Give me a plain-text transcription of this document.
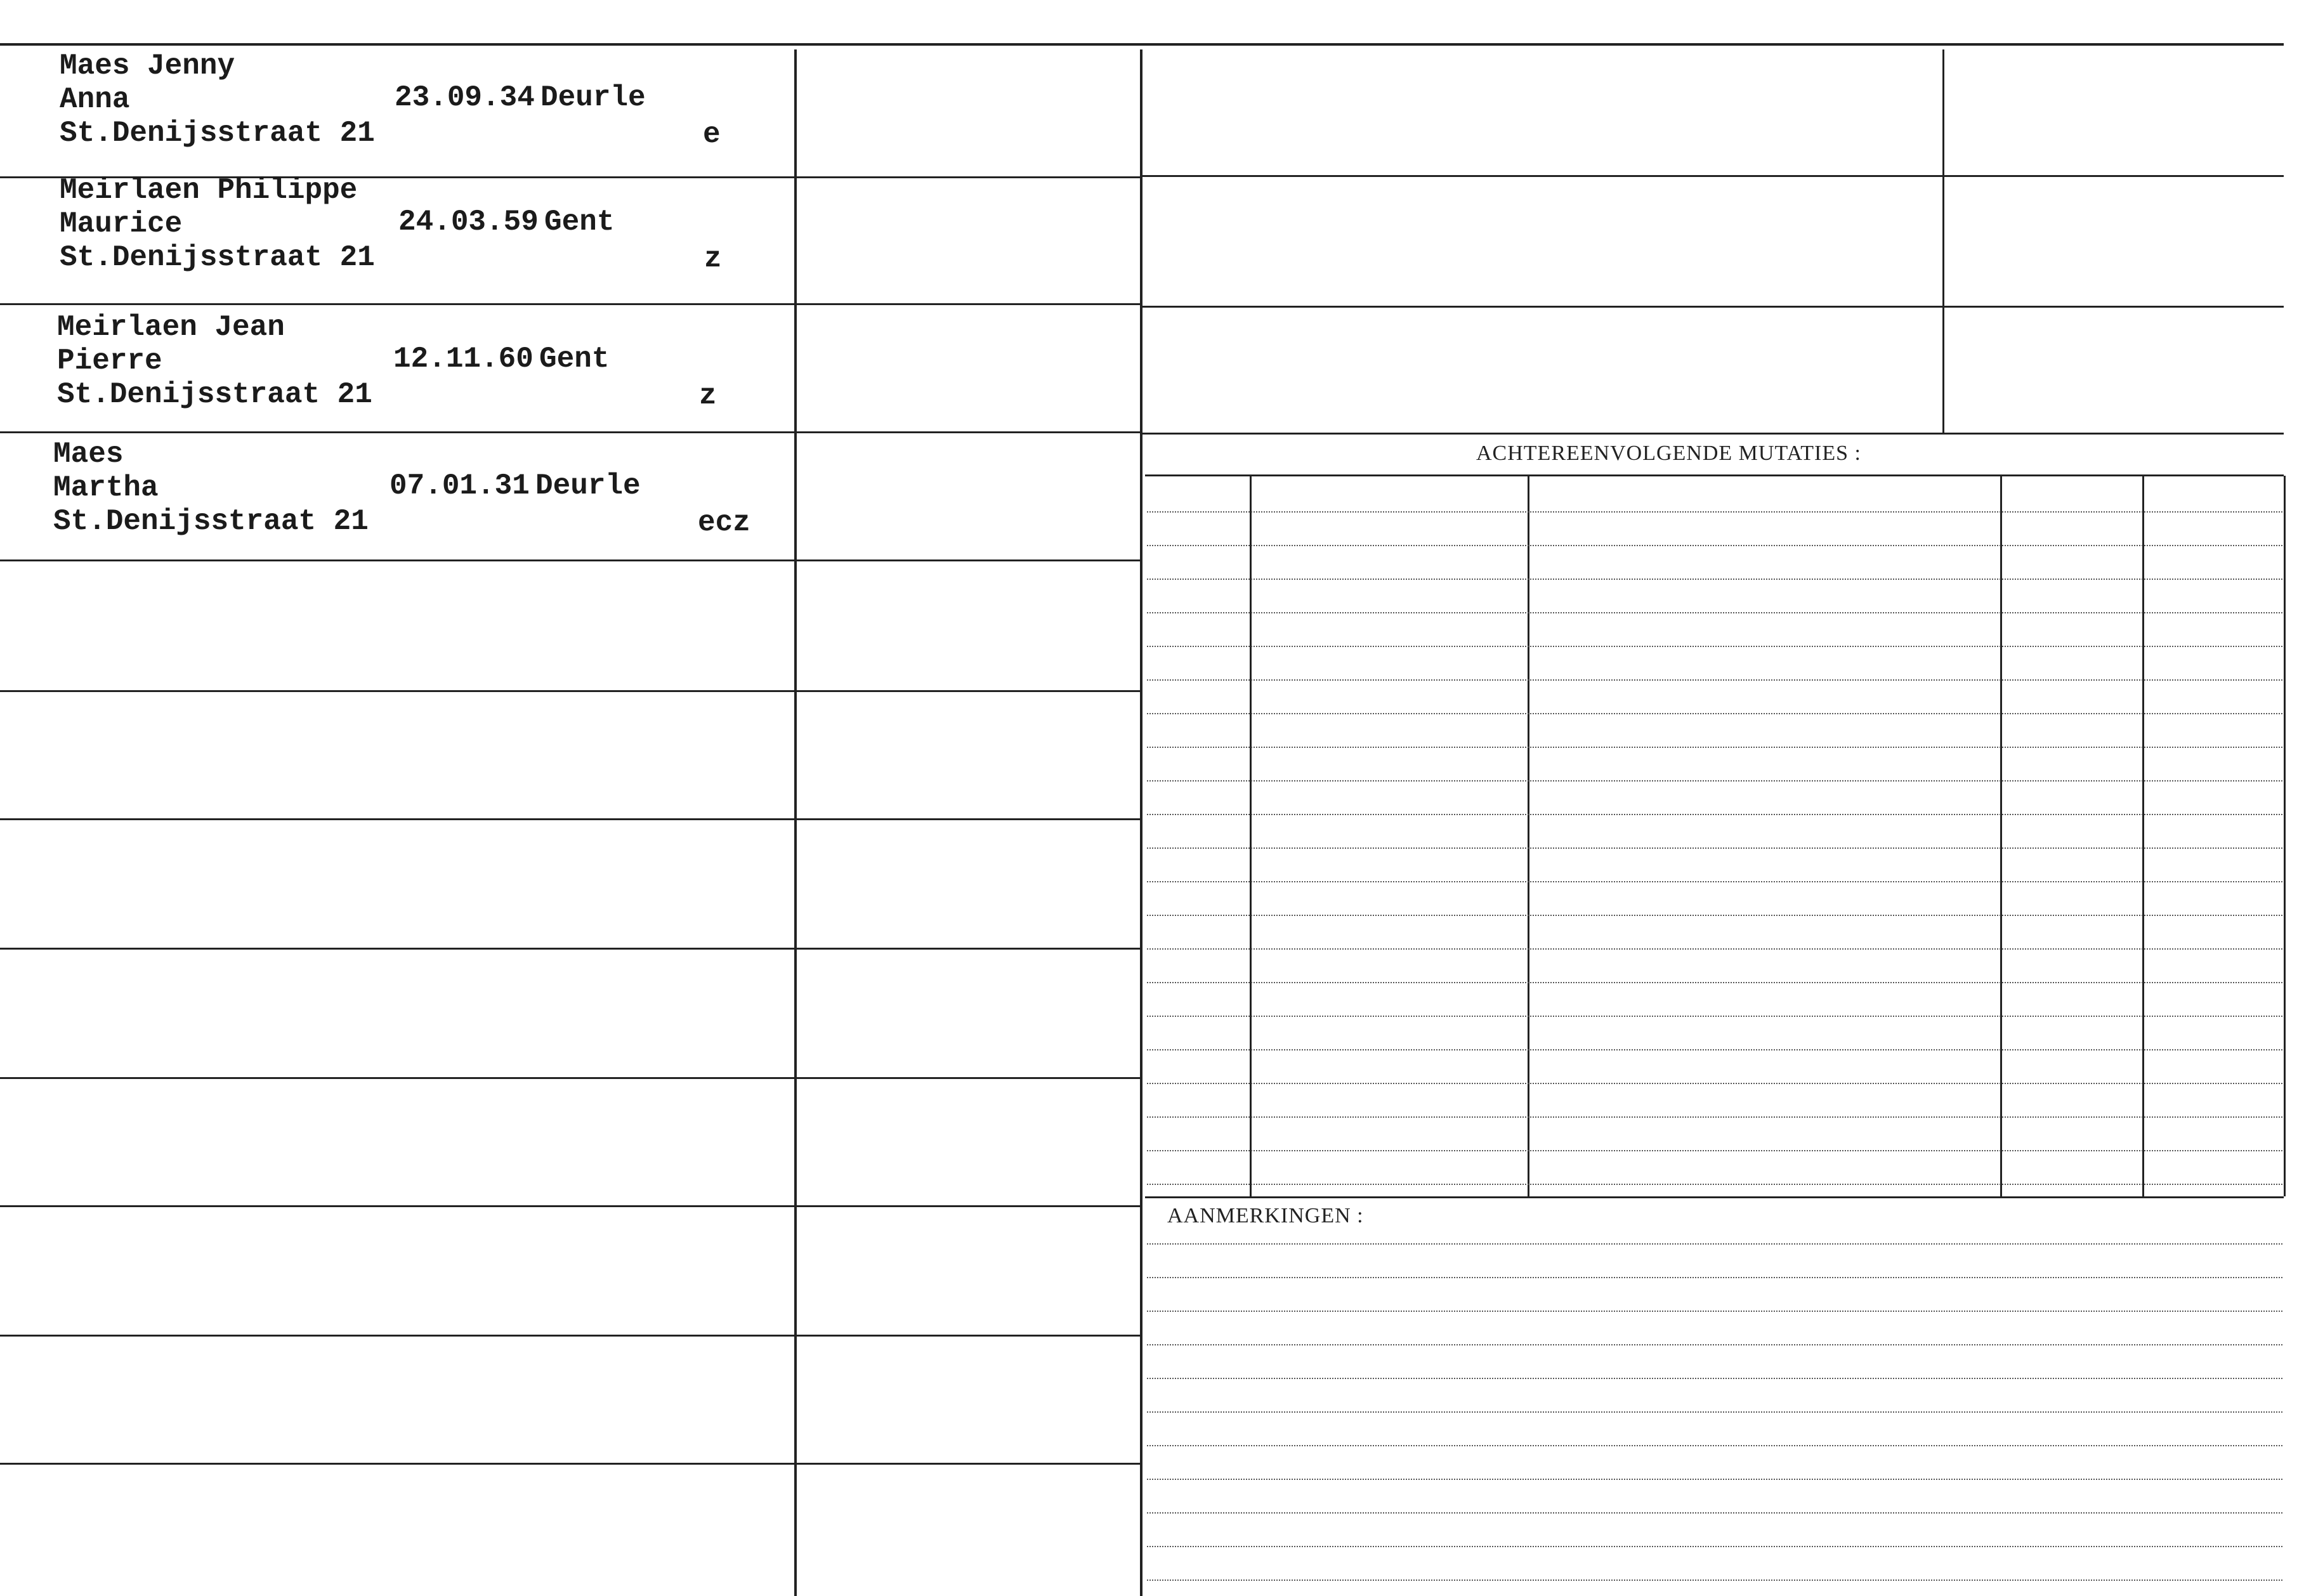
ACHTEREENVOLGENDE MUTATIES :
AANMERKINGEN :
Maes Jenny
Anna	23.09.34 Deurle
St.Denijsstraat 21	e
Meirlaen Philippe
Maurice	24.03.59 Gent
St.Denijsstraat 21	z
Meirlaen Jean
Pierre	12.11.60 Gent
St.Denijsstraat 21	z
Maes
Martha	07.01.31 Deurle
St.Denijsstraat 21	ecz
